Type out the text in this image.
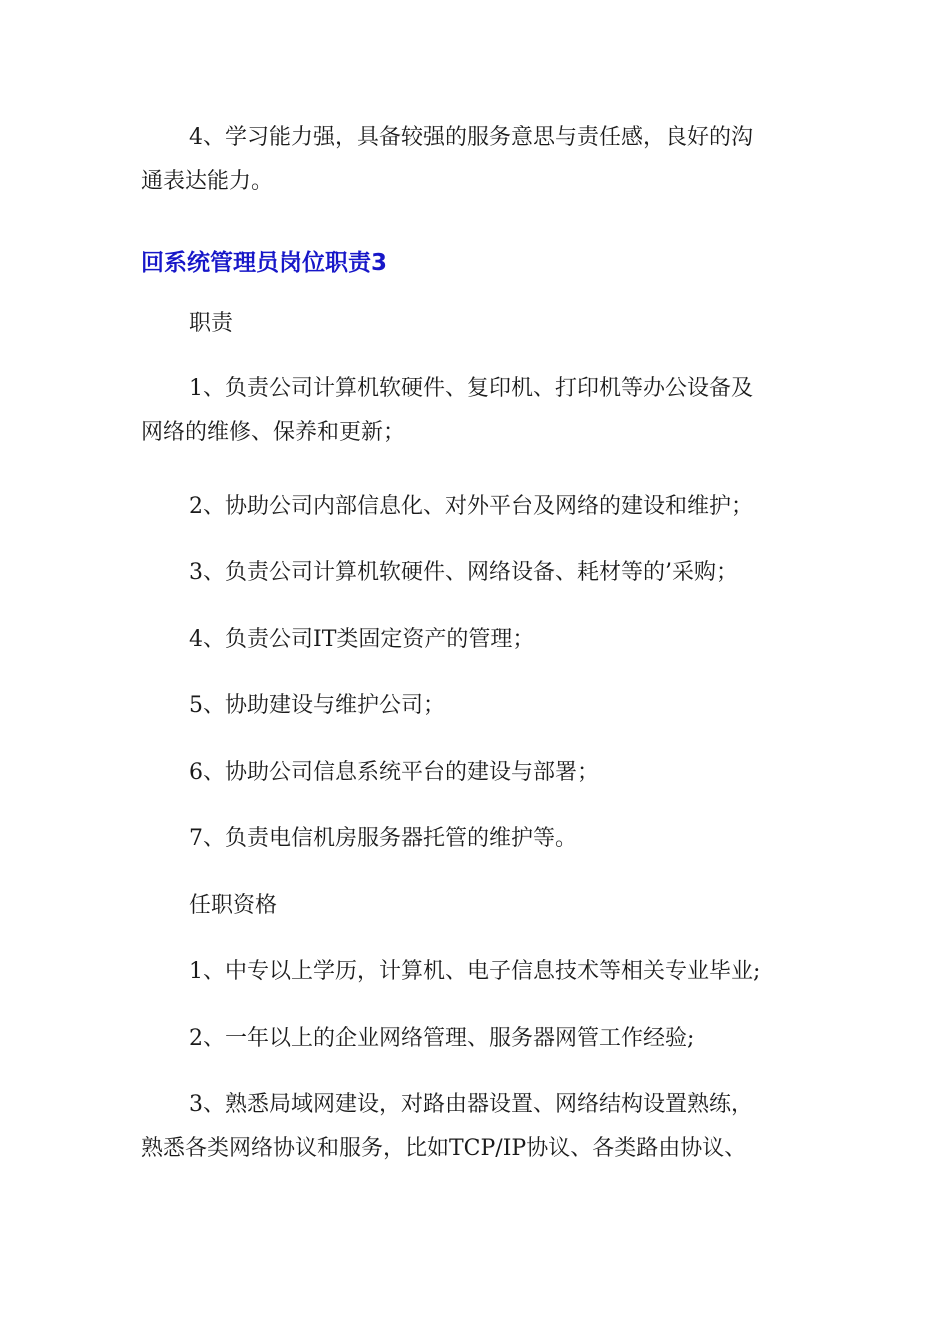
4、学习能力强，具备较强的服务意思与责任感，良好的沟
通表达能力。

回系统管理员岗位职责3

职责

1、负责公司计算机软硬件、复印机、打印机等办公设备及
网络的维修、保养和更新；

2、协助公司内部信息化、对外平台及网络的建设和维护；

3、负责公司计算机软硬件、网络设备、耗材等的’采购；

4、负责公司IT类固定资产的管理；

5、协助建设与维护公司；

6、协助公司信息系统平台的建设与部署；

7、负责电信机房服务器托管的维护等。

任职资格

1、中专以上学历，计算机、电子信息技术等相关专业毕业;

2、一年以上的企业网络管理、服务器网管工作经验;

3、熟悉局域网建设，对路由器设置、网络结构设置熟练，
熟悉各类网络协议和服务，比如TCP/IP协议、各类路由协议、
